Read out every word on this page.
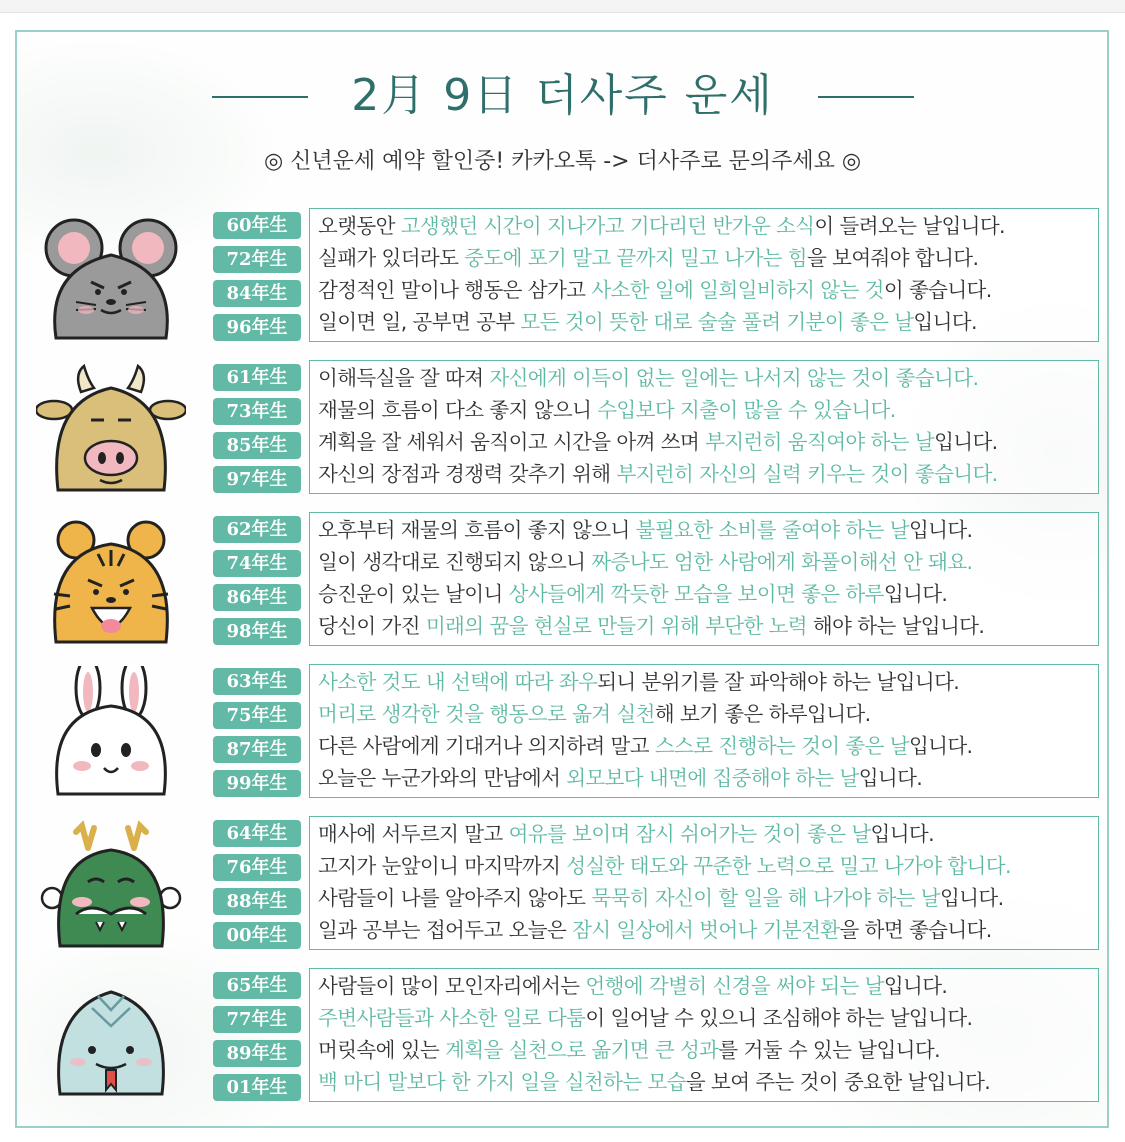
2月 9日 더사주 운세
◎ 신년운세 예약 할인중! 카카오톡 -> 더사주로 문의주세요 ◎
60年生
72年生
84年生
96年生
오랫동안 고생했던 시간이 지나가고 기다리던 반가운 소식이 들려오는 날입니다.
실패가 있더라도 중도에 포기 말고 끝까지 밀고 나가는 힘을 보여줘야 합니다.
감정적인 말이나 행동은 삼가고 사소한 일에 일희일비하지 않는 것이 좋습니다.
일이면 일, 공부면 공부 모든 것이 뜻한 대로 술술 풀려 기분이 좋은 날입니다.
61年生
73年生
85年生
97年生
이해득실을 잘 따져 자신에게 이득이 없는 일에는 나서지 않는 것이 좋습니다.
재물의 흐름이 다소 좋지 않으니 수입보다 지출이 많을 수 있습니다.
계획을 잘 세워서 움직이고 시간을 아껴 쓰며 부지런히 움직여야 하는 날입니다.
자신의 장점과 경쟁력 갖추기 위해 부지런히 자신의 실력 키우는 것이 좋습니다.
62年生
74年生
86年生
98年生
오후부터 재물의 흐름이 좋지 않으니 불필요한 소비를 줄여야 하는 날입니다.
일이 생각대로 진행되지 않으니 짜증나도 엄한 사람에게 화풀이해선 안 돼요.
승진운이 있는 날이니 상사들에게 깍듯한 모습을 보이면 좋은 하루입니다.
당신이 가진 미래의 꿈을 현실로 만들기 위해 부단한 노력 해야 하는 날입니다.
63年生
75年生
87年生
99年生
사소한 것도 내 선택에 따라 좌우되니 분위기를 잘 파악해야 하는 날입니다.
머리로 생각한 것을 행동으로 옮겨 실천해 보기 좋은 하루입니다.
다른 사람에게 기대거나 의지하려 말고 스스로 진행하는 것이 좋은 날입니다.
오늘은 누군가와의 만남에서 외모보다 내면에 집중해야 하는 날입니다.
64年生
76年生
88年生
00年生
매사에 서두르지 말고 여유를 보이며 잠시 쉬어가는 것이 좋은 날입니다.
고지가 눈앞이니 마지막까지 성실한 태도와 꾸준한 노력으로 밀고 나가야 합니다.
사람들이 나를 알아주지 않아도 묵묵히 자신이 할 일을 해 나가야 하는 날입니다.
일과 공부는 접어두고 오늘은 잠시 일상에서 벗어나 기분전환을 하면 좋습니다.
65年生
77年生
89年生
01年生
사람들이 많이 모인자리에서는 언행에 각별히 신경을 써야 되는 날입니다.
주변사람들과 사소한 일로 다툼이 일어날 수 있으니 조심해야 하는 날입니다.
머릿속에 있는 계획을 실천으로 옮기면 큰 성과를 거둘 수 있는 날입니다.
백 마디 말보다 한 가지 일을 실천하는 모습을 보여 주는 것이 중요한 날입니다.
